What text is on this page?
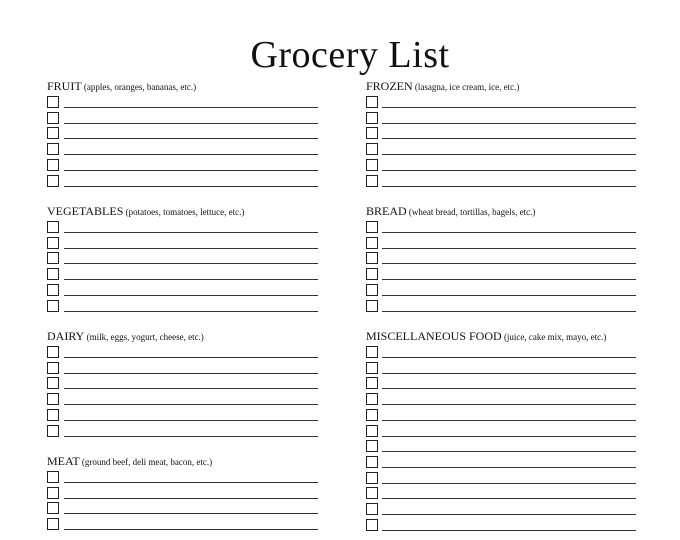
Grocery List
FRUIT (apples, oranges, bananas, etc.)
VEGETABLES (potatoes, tomatoes, lettuce, etc.)
DAIRY (milk, eggs, yogurt, cheese, etc.)
MEAT (ground beef, deli meat, bacon, etc.)
FROZEN (lasagna, ice cream, ice, etc.)
BREAD (wheat bread, tortillas, bagels, etc.)
MISCELLANEOUS FOOD (juice, cake mix, mayo, etc.)
